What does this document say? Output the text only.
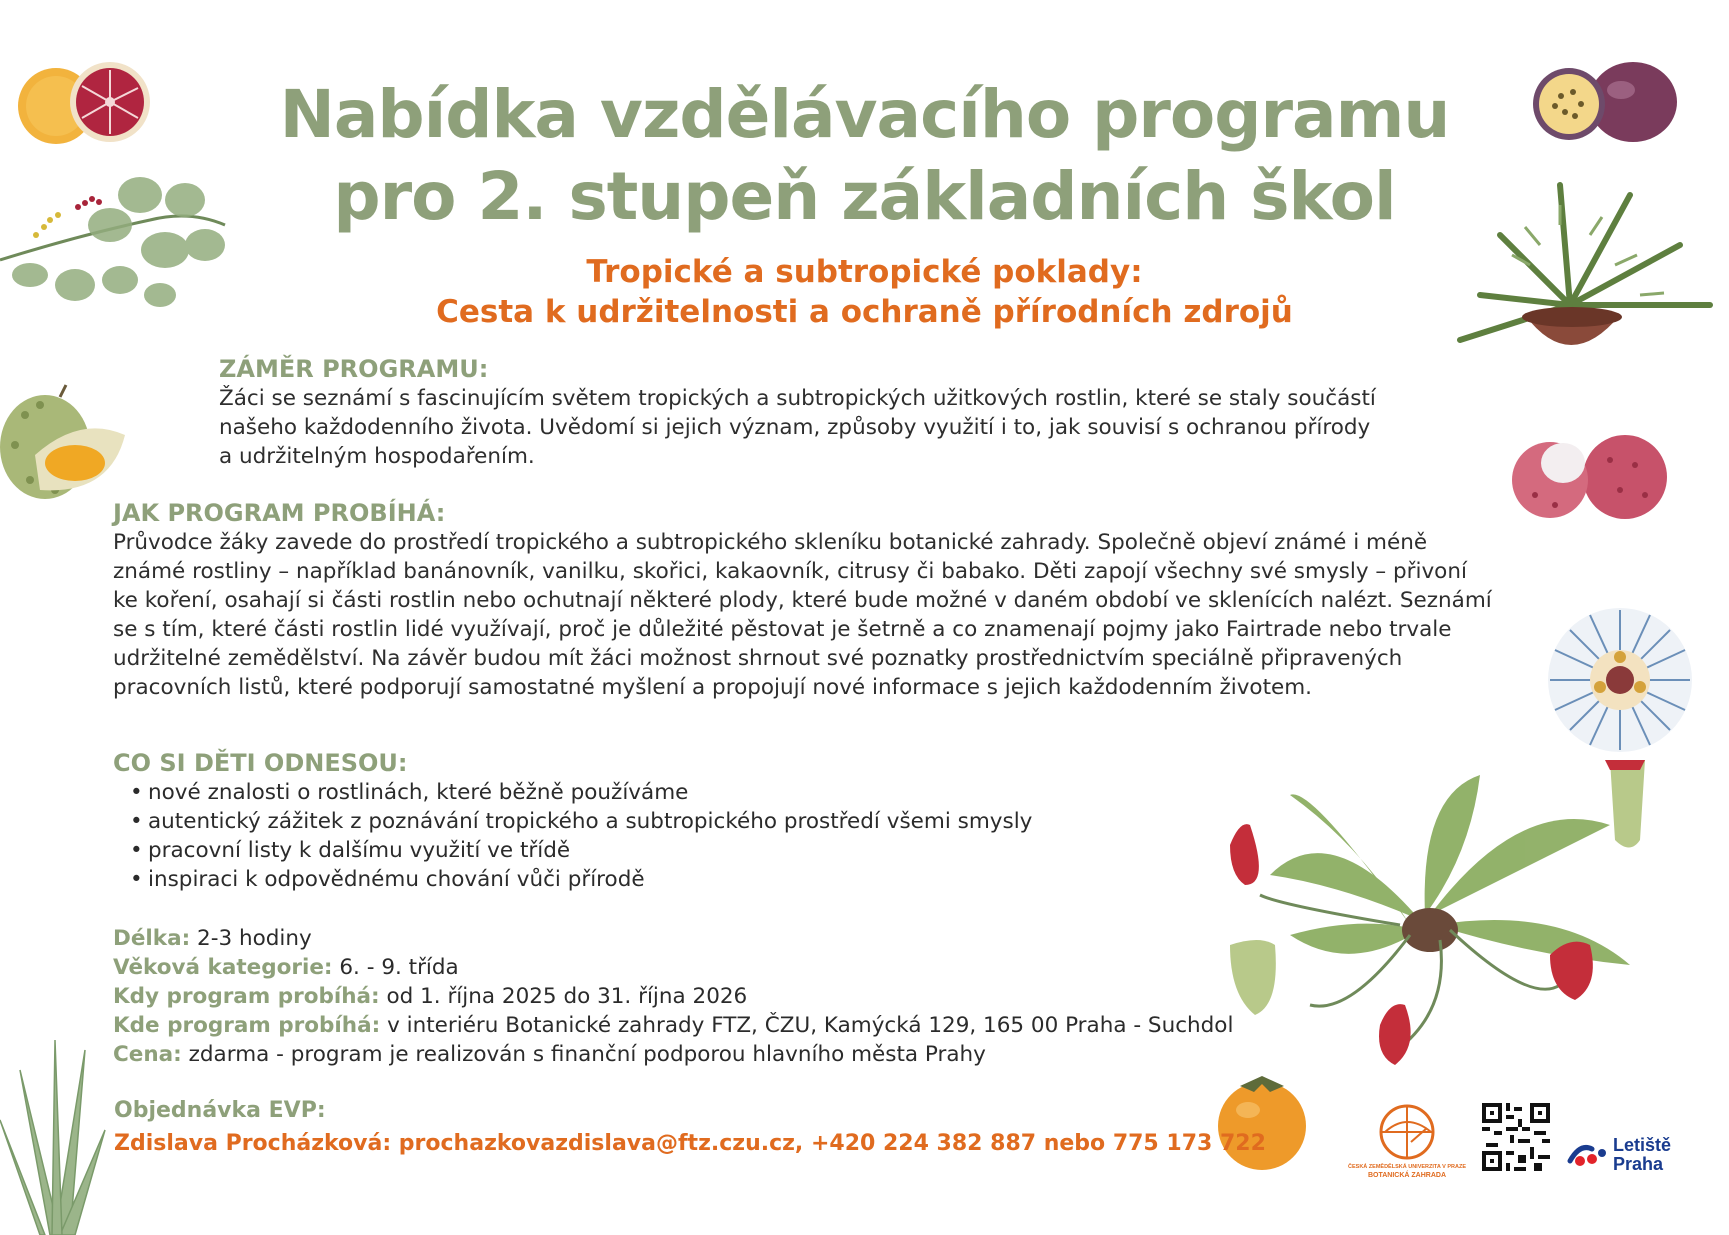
Nabídka vzdělávacího programu
pro 2. stupeň základních škol
Tropické a subtropické poklady:
Cesta k udržitelnosti a ochraně přírodních zdrojů
ZÁMĚR PROGRAMU:
Žáci se seznámí s fascinujícím světem tropických a subtropických užitkových rostlin, které se staly součástí
našeho každodenního života. Uvědomí si jejich význam, způsoby využití i to, jak souvisí s ochranou přírody
a udržitelným hospodařením.
JAK PROGRAM PROBÍHÁ:
Průvodce žáky zavede do prostředí tropického a subtropického skleníku botanické zahrady. Společně objeví známé i méně
známé rostliny – například banánovník, vanilku, skořici, kakaovník, citrusy či babako. Děti zapojí všechny své smysly – přivoní
ke koření, osahají si části rostlin nebo ochutnají některé plody, které bude možné v daném období ve sklenících nalézt. Seznámí
se s tím, které části rostlin lidé využívají, proč je důležité pěstovat je šetrně a co znamenají pojmy jako Fairtrade nebo trvale
udržitelné zemědělství. Na závěr budou mít žáci možnost shrnout své poznatky prostřednictvím speciálně připravených
pracovních listů, které podporují samostatné myšlení a propojují nové informace s jejich každodenním životem.
CO SI DĚTI ODNESOU:
• nové znalosti o rostlinách, které běžně používáme
• autentický zážitek z poznávání tropického a subtropického prostředí všemi smysly
• pracovní listy k dalšímu využití ve třídě
• inspiraci k odpovědnému chování vůči přírodě
Délka: 2-3 hodiny
Věková kategorie: 6. - 9. třída
Kdy program probíhá: od 1. října 2025 do 31. října 2026
Kde program probíhá: v interiéru Botanické zahrady FTZ, ČZU, Kamýcká 129, 165 00 Praha - Suchdol
Cena: zdarma - program je realizován s finanční podporou hlavního města Prahy
Objednávka EVP:
Zdislava Procházková: prochazkovazdislava@ftz.czu.cz, +420 224 382 887 nebo 775 173 722
ČESKÁ ZEMĚDĚLSKÁ UNIVERZITA V PRAZE
BOTANICKÁ ZAHRADA
Letiště
Praha
